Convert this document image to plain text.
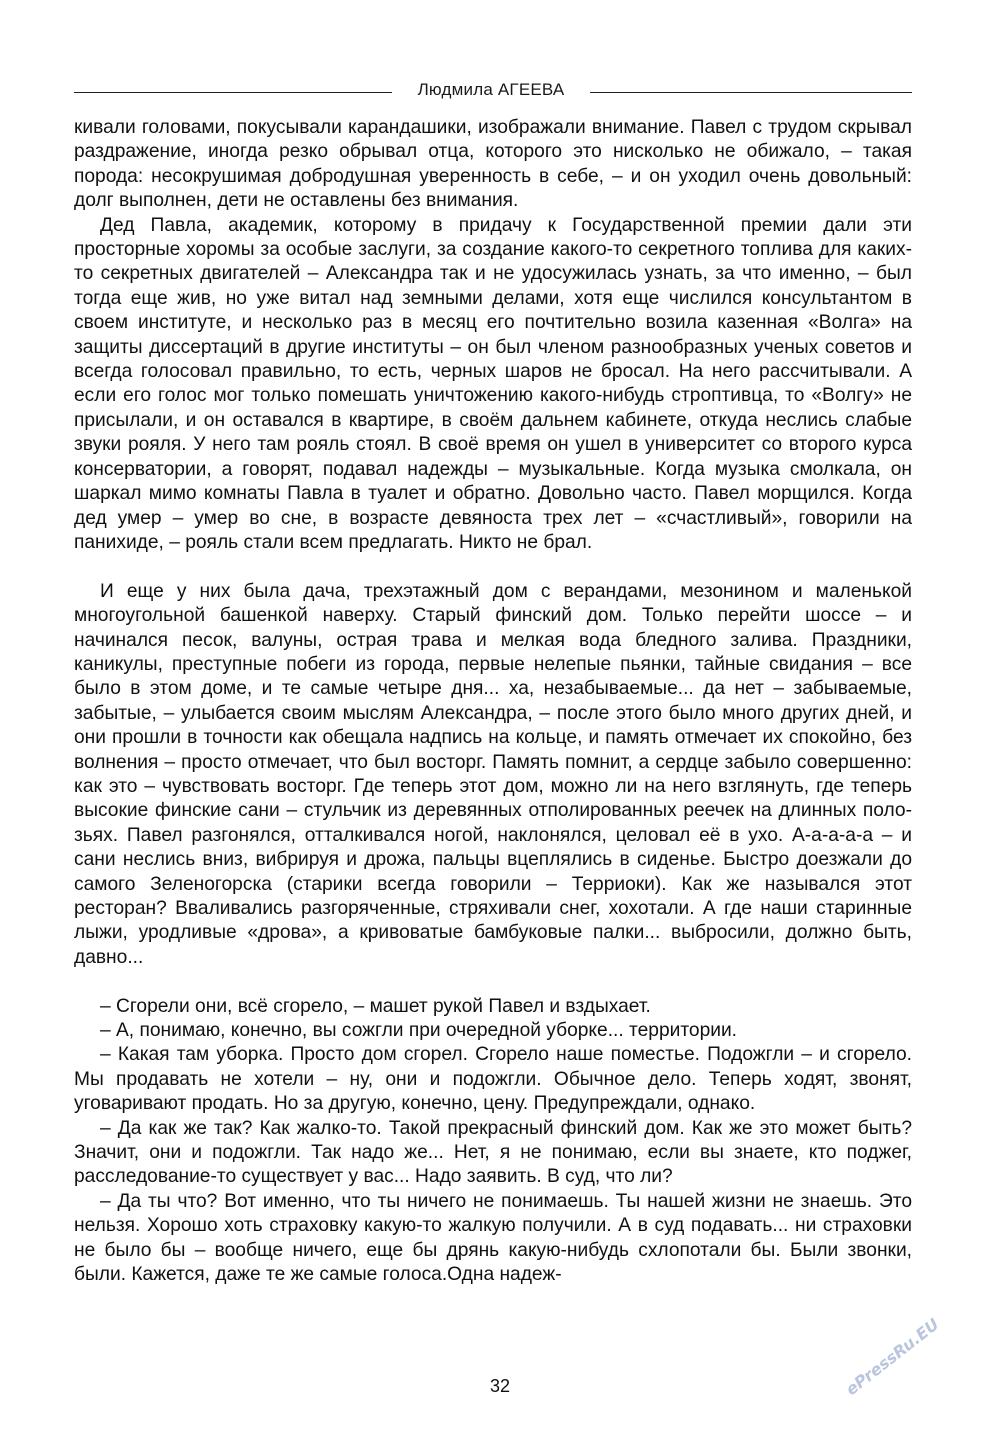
Людмила АГЕЕВА

кивали головами, покусывали карандашики, изображали внимание. Павел с трудом скрывал раздражение, иногда резко обрывал отца, которого это нисколько не обижало, – такая порода: несокрушимая добродушная уверенность в себе, – и он уходил очень довольный: долг выполнен, дети не оставлены без внимания.

Дед Павла, академик, которому в придачу к Государственной премии дали эти просторные хоромы за особые заслуги, за создание какого-то секретного топлива для каких-то секретных двигателей – Александра так и не удосужилась узнать, за что именно, – был тогда еще жив, но уже витал над земными делами, хотя еще числился консультантом в своем институте, и несколько раз в месяц его почтительно возила казенная «Волга» на защиты диссертаций в другие институты – он был членом разнообразных ученых советов и всегда голосовал правильно, то есть, черных шаров не бросал. На него рассчитывали. А если его голос мог только помешать уничтожению какого-нибудь строптивца, то «Волгу» не присылали, и он оставался в квартире, в своём дальнем кабинете, откуда неслись слабые звуки рояля. У него там рояль стоял. В своё время он ушел в университет со второго курса консерватории, а говорят, подавал надежды – музыкальные. Когда музыка смолкала, он шаркал мимо комнаты Павла в туалет и обратно. Довольно часто. Павел морщился. Когда дед умер – умер во сне, в возрасте девяноста трех лет – «счастливый», говорили на панихиде, – рояль стали всем предлагать. Никто не брал.

И еще у них была дача, трехэтажный дом с верандами, мезонином и маленькой многоугольной башенкой наверху. Старый финский дом. Только перейти шоссе – и начинался песок, валуны, острая трава и мелкая вода бледного залива. Праздники, каникулы, преступные побеги из города, первые нелепые пьянки, тайные свидания – все было в этом доме, и те самые четыре дня... ха, незабываемые... да нет – забываемые, забытые, – улыбается своим мыслям Александра, – после этого было много других дней, и они прошли в точности как обещала надпись на кольце, и память отмечает их спокойно, без волнения – просто отмечает, что был восторг. Память помнит, а сердце забыло совершенно: как это – чувствовать восторг. Где теперь этот дом, можно ли на него взглянуть, где теперь высокие финские сани – стульчик из деревянных отполированных реечек на длинных полозьях. Павел разгонялся, отталкивался ногой, наклонялся, целовал её в ухо. А-а-а-а-а – и сани неслись вниз, вибрируя и дрожа, пальцы вцеплялись в сиденье. Быстро доезжали до самого Зеленогорска (старики всегда говорили – Терриоки). Как же назывался этот ресторан? Вваливались разгоряченные, стряхивали снег, хохотали. А где наши старинные лыжи, уродливые «дрова», а кривоватые бамбуковые палки... выбросили, должно быть, давно...

– Сгорели они, всё сгорело, – машет рукой Павел и вздыхает.

– А, понимаю, конечно, вы сожгли при очередной уборке... территории.

– Какая там уборка. Просто дом сгорел. Сгорело наше поместье. Подожгли – и сгорело. Мы продавать не хотели – ну, они и подожгли. Обычное дело. Теперь ходят, звонят, уговаривают продать. Но за другую, конечно, цену. Предупреждали, однако.

– Да как же так? Как жалко-то. Такой прекрасный финский дом. Как же это может быть? Значит, они и подожгли. Так надо же... Нет, я не понимаю, если вы знаете, кто поджег, расследование-то существует у вас... Надо заявить. В суд, что ли?

– Да ты что? Вот именно, что ты ничего не понимаешь. Ты нашей жизни не знаешь. Это нельзя. Хорошо хоть страховку какую-то жалкую получили. А в суд подавать... ни страховки не было бы – вообще ничего, еще бы дрянь какую-нибудь схлопотали бы. Были звонки, были. Кажется, даже те же самые голоса.Одна надеж-

32	ePressRu.EU
